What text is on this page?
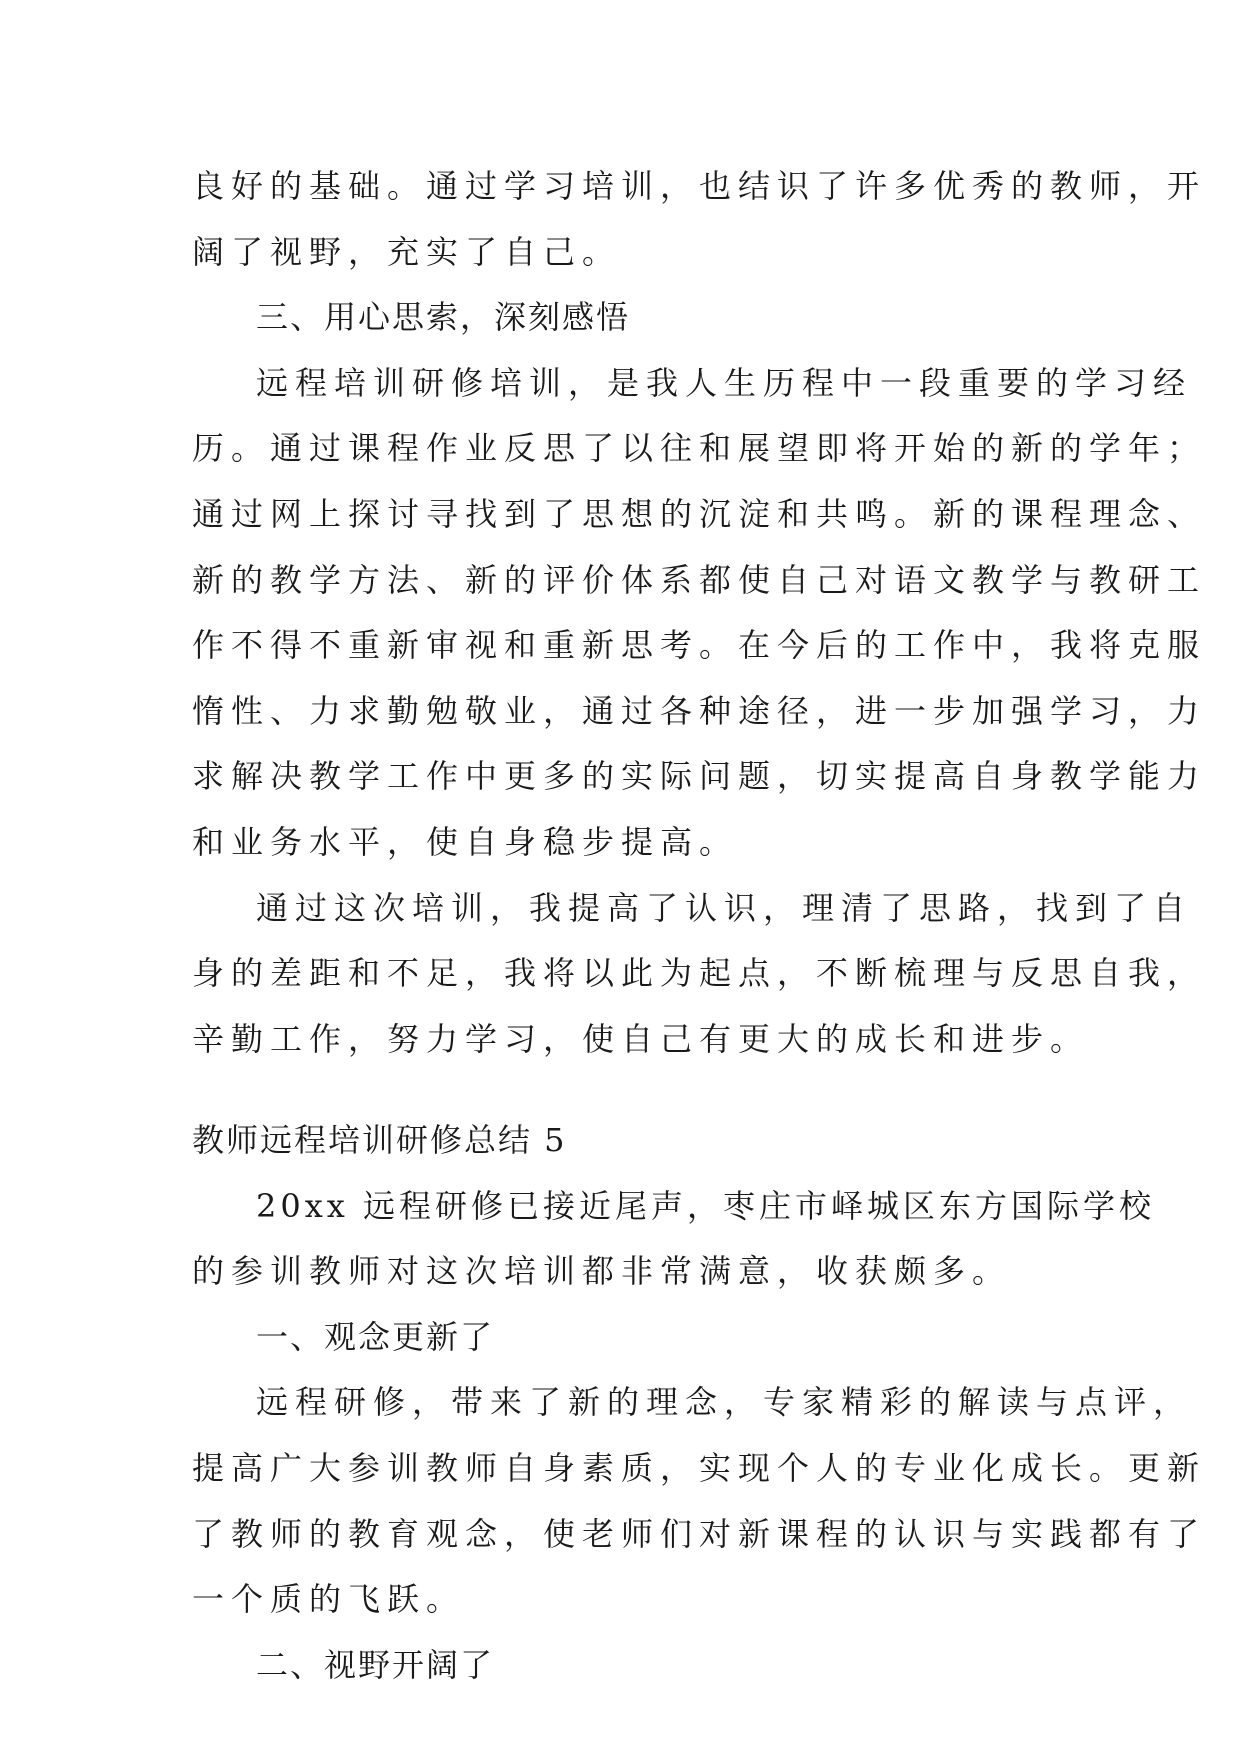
良好的基础。通过学习培训，也结识了许多优秀的教师，开
阔了视野，充实了自己。
三、用心思索，深刻感悟
远程培训研修培训，是我人生历程中一段重要的学习经
历。通过课程作业反思了以往和展望即将开始的新的学年；
通过网上探讨寻找到了思想的沉淀和共鸣。新的课程理念、
新的教学方法、新的评价体系都使自己对语文教学与教研工
作不得不重新审视和重新思考。在今后的工作中，我将克服
惰性、力求勤勉敬业，通过各种途径，进一步加强学习，力
求解决教学工作中更多的实际问题，切实提高自身教学能力
和业务水平，使自身稳步提高。
通过这次培训，我提高了认识，理清了思路，找到了自
身的差距和不足，我将以此为起点，不断梳理与反思自我，
辛勤工作，努力学习，使自己有更大的成长和进步。
教师远程培训研修总结 5
20xx 远程研修已接近尾声，枣庄市峄城区东方国际学校
的参训教师对这次培训都非常满意，收获颇多。
一、观念更新了
远程研修，带来了新的理念，专家精彩的解读与点评，
提高广大参训教师自身素质，实现个人的专业化成长。更新
了教师的教育观念，使老师们对新课程的认识与实践都有了
一个质的飞跃。
二、视野开阔了
